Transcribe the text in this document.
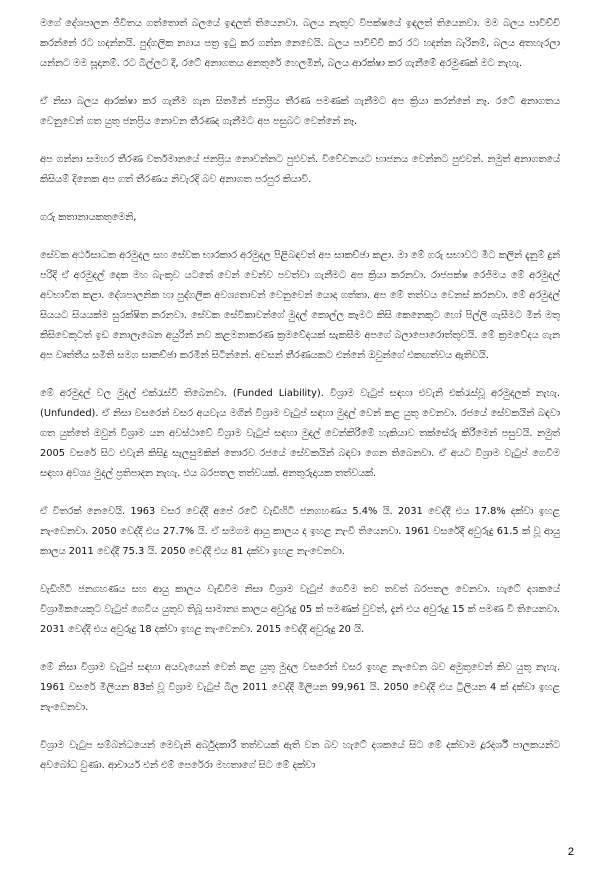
මගේ දේශපාලන ජීවිතය ගත්තොත් බලයේ ඉඳලත් තියෙනවා. බලය නැතුව විපක්ෂයේ ඉඳලත් තියෙනවා. මම බලය පාවිච්චි කරන්නේ රට හදන්නයි. පුද්ගලික න්‍යාය පත්‍ර ඉටු කර ගන්න නෙවෙයි. බලය පාවිච්චි කර රට හදන්න බැරිනම්, බලය අතහැරලා යන්නට මම සූදානම්. රට බිල්ලට දී, රටේ අනාගතය අනතුරේ හෙලමින්, බලය ආරක්ෂා කර ගැනීමේ අරමුණක් මට නැහැ.

ඒ නිසා බලය ආරක්ෂා කර ගැනීම ගැන සිතමින් ජනප්‍රිය තීරණ පමණක් ගැනීමට අප ක්‍රියා කරන්නේ නෑ. රටේ අනාගතය වෙනුවෙන් ගත යුතු ජනප්‍රිය නොවන තීරණද ගැනීමට අප පසුබට වෙන්නේ නෑ.

අප ගන්නා සමහර තීරණ වර්තමානයේ ජනප්‍රිය නොවන්නට පුළුවන්. විවේචනයට භාජනය වෙන්නට පුළුවන්. නමුත් අනාගතයේ කිසියම් දිනෙක අප ගත් තීරණය නිවැරදි බව අනාගත පරපුර කියාවි.

ගරු කතානායකතුමෙනි,

සේවක අර්ථසාධක අරමුදල සහ සේවක භාරකාර අරමුදල පිළිබඳවත් අප සාකච්ඡා කළා. මා මේ ගරු සභාවට මීට කලින් දැනුම් දුන් පරිදි ඒ අරමුදල් දෙක මහ බැංකුව යටතේ වෙන් වෙන්ව පවත්වා ගැනීමට අප ක්‍රියා කරනවා. රාජපක්ෂ රෙජිමය මේ අරමුදල් අවභාවිත කළා. දේශපාලනික හා පුද්ගලික අවශ්‍යතාවන් වෙනුවෙන් යොදා ගත්තා. අප මේ තත්වය වෙනස් කරනවා. මේ අරමුදල් සියයට සියයක්ම සුරක්ෂිත කරනවා. සේවක සේවිකාවන්ගේ මුදල් කොල්ල කෑමට කිසි කෙනෙකුට හෝ පිල්ලි ගැසීමට මින් මතු කිසිවෙකුටත් ඉඩ නොලැබෙන අයුරින් නව කළමනාකරණ ක්‍රමවේදයක් සැකසීම අපගේ බලාපොරොත්තුවයි. මේ ක්‍රමවේදය ගැන අප වෘත්තීය සමිති සමග සාකච්ඡා කරමින් සිටින්නේ. අවසන් තීරණයකට එන්නේ ඔවුන්ගේ එකඟත්වය ඇතිවයි.

මේ අරමුදල් වල මුදල් එක්රැස්වී තිබෙනවා. (Funded Liability). විශ්‍රාම වැටුප් සඳහා එවැනි එක්රැස්වූ අරමුදලක් නැහැ. (Unfunded). ඒ නිසා වසරෙන් වසර අයවැය මගින් විශ්‍රාම වැටුප් සඳහා මුදල් වෙන් කළ යුතු වෙනවා. රජයේ සේවකයින් බඳවා ගත යුත්තේ ඔවුන් විශ්‍රාම යන අවස්ථාවේ විශ්‍රාම වැටුප් සඳහා මුදල් වෙන්කිරීමේ හැකියාව තක්සේරු කිරීමෙන් පසුවයි. නමුත් 2005 වසරේ සිට එවැනි කිසිදු සැලසුමකින් තොරව රජයේ සේවකයින් බඳවා ගෙන තිබෙනවා. ඒ අයට විශ්‍රාම වැටුප් ගෙවීම සඳහා අවශ්‍ය මුදල් ප්‍රතිපාදන නැහැ. එය බරපතල තත්වයක්. අනතුරුදායක තත්වයක්.

ඒ විතරක් නෙවෙයි. 1963 වසර වෙද්දී අපේ රටේ වැඩිහිටි ජනගහණය 5.4% යි. 2031 වෙද්දී එය 17.8% දක්වා ඉහළ නැංවෙනවා. 2050 වෙද්දී එය 27.7% යි. ඒ සමගම ආයු කාලය ද ඉහළ නැංවී තියෙනවා. 1961 වසරේදී අවුරුදු 61.5 ක් වූ ආයු කාලය 2011 වෙද්දී 75.3 යි. 2050 වෙද්දී එය 81 දක්වා ඉහළ නැංවෙනවා.

වැඩිහිටි ජනගහණය සහ ආයු කාලය වැඩිවීම නිසා විශ්‍රාම වැටුප් ගෙවීම තව තවත් බරපතල වෙනවා. හැටේ දශකයේ විශ්‍රාමිකයෙකුට වැටුප් ගෙවීය යුතුව තිබූ සාමාන්‍ය කාලය අවුරුදු 05 ක් පමණක් වුවත්, දැන් එය අවුරුදු 15 ක් පමණ වී තියෙනවා. 2031 වෙද්දී එය අවුරුදු 18 දක්වා ඉහළ නැංවෙනවා. 2015 වෙද්දී අවුරුදු 20 යි.

මේ නිසා විශ්‍රාම වැටුප් සඳහා අයවැයෙන් වෙන් කළ යුතු මුදල වසරෙන් වසර ඉහළ නැංවෙන බව අමුතුවෙන් කිව යුතු නැහැ. 1961 වසරේ මිලියන 83ක් වූ විශ්‍රාම වැටුප් බිල 2011 වෙද්දී මිලියන 99,961 යි. 2050 වෙද්දී එය ට්‍රිලියන 4 ක් දක්වා ඉහළ නැංවෙනවා.

විශ්‍රාම වැටුප සම්බන්ධයෙන් මෙවැනි අර්බුදකාරී තත්වයක් ඇති වන බව හැටේ දශකයේ සිට මේ දක්වාම දූරදර්ශී පාලකයන්ට අවබෝධ වුණා. ආචාර්ය එන් එම් පෙරේරා මහතාගේ සිට මේ දක්වා

2
